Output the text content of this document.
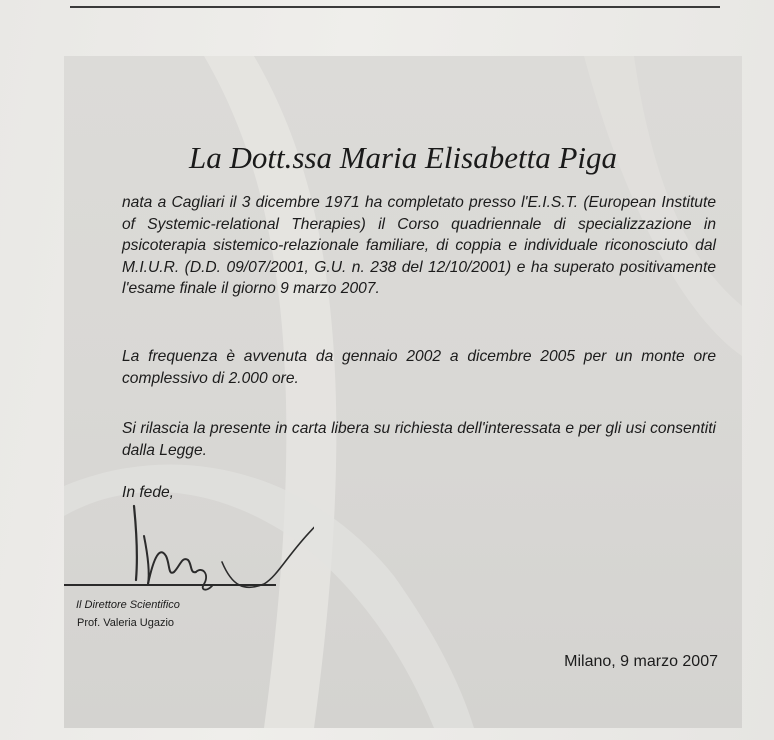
La Dott.ssa Maria Elisabetta Piga

nata a Cagliari il 3 dicembre 1971 ha completato presso l'E.I.S.T. (European Institute of Systemic-relational Therapies) il Corso quadriennale di specializzazione in psicoterapia sistemico-relazionale familiare, di coppia e individuale riconosciuto dal M.I.U.R. (D.D. 09/07/2001, G.U. n. 238 del 12/10/2001) e ha superato positivamente l'esame finale il giorno 9 marzo 2007.

La frequenza è avvenuta da gennaio 2002 a dicembre 2005 per un monte ore complessivo di 2.000 ore.

Si rilascia la presente in carta libera su richiesta dell'interessata e per gli usi consentiti dalla Legge.

In fede,

Il Direttore Scientifico

Prof. Valeria Ugazio

Milano, 9 marzo 2007
